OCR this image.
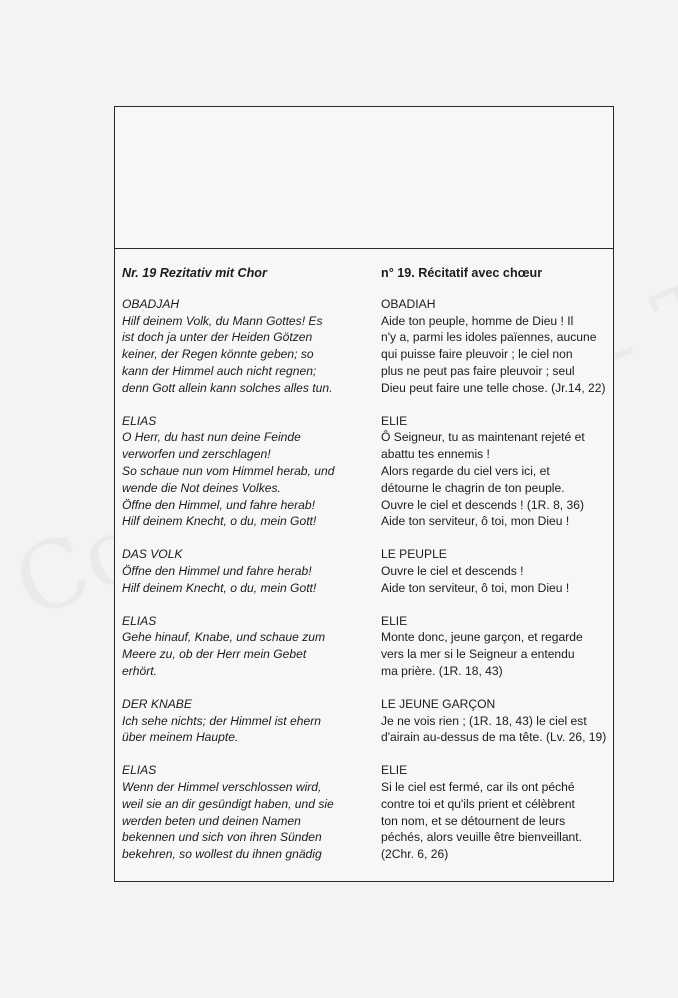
Nr. 19 Rezitativ mit Chor
OBADJAH
Hilf deinem Volk, du Mann Gottes! Es
ist doch ja unter der Heiden Götzen
keiner, der Regen könnte geben; so
kann der Himmel auch nicht regnen;
denn Gott allein kann solches alles tun.
ELIAS
O Herr, du hast nun deine Feinde
verworfen und zerschlagen!
So schaue nun vom Himmel herab, und
wende die Not deines Volkes.
Öffne den Himmel, und fahre herab!
Hilf deinem Knecht, o du, mein Gott!
DAS VOLK
Öffne den Himmel und fahre herab!
Hilf deinem Knecht, o du, mein Gott!
ELIAS
Gehe hinauf, Knabe, und schaue zum
Meere zu, ob der Herr mein Gebet
erhört.
DER KNABE
Ich sehe nichts; der Himmel ist ehern
über meinem Haupte.
ELIAS
Wenn der Himmel verschlossen wird,
weil sie an dir gesündigt haben, und sie
werden beten und deinen Namen
bekennen und sich von ihren Sünden
bekehren, so wollest du ihnen gnädig
n° 19. Récitatif avec chœur
OBADIAH
Aide ton peuple, homme de Dieu ! Il
n'y a, parmi les idoles païennes, aucune
qui puisse faire pleuvoir ; le ciel non
plus ne peut pas faire pleuvoir ; seul
Dieu peut faire une telle chose. (Jr.14, 22)
ELIE
Ô Seigneur, tu as maintenant rejeté et
abattu tes ennemis !
Alors regarde du ciel vers ici, et
détourne le chagrin de ton peuple.
Ouvre le ciel et descends ! (1R. 8, 36)
Aide ton serviteur, ô toi, mon Dieu !
LE PEUPLE
Ouvre le ciel et descends !
Aide ton serviteur, ô toi, mon Dieu !
ELIE
Monte donc, jeune garçon, et regarde
vers la mer si le Seigneur a entendu
ma prière. (1R. 18, 43)
LE JEUNE GARÇON
Je ne vois rien ; (1R. 18, 43) le ciel est
d'airain au-dessus de ma tête. (Lv. 26, 19)
ELIE
Si le ciel est fermé, car ils ont péché
contre toi et qu'ils prient et célèbrent
ton nom, et se détournent de leurs
péchés, alors veuille être bienveillant.
(2Chr. 6, 26)
